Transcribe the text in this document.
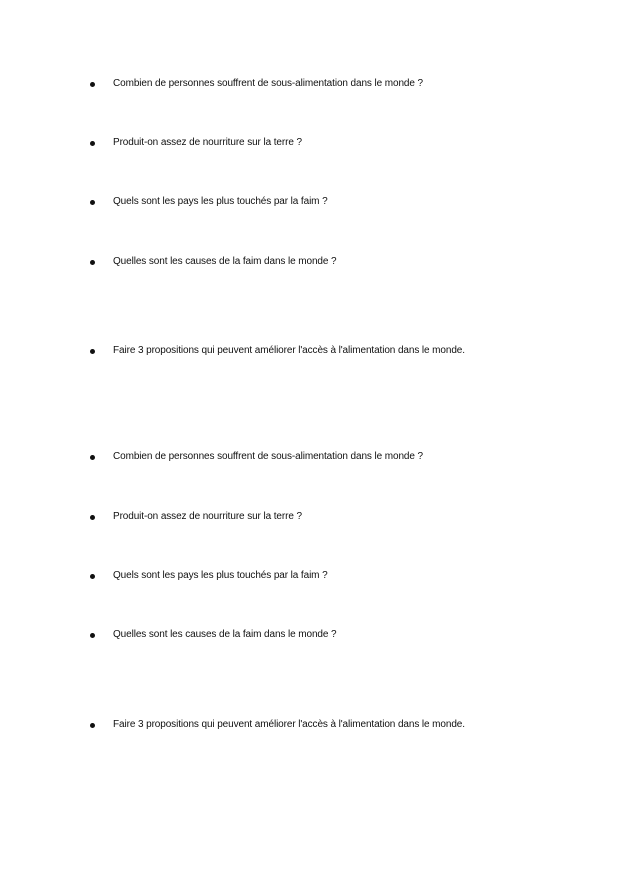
Combien de personnes souffrent de sous-alimentation dans le monde ?
Produit-on assez de nourriture sur la terre ?
Quels sont les pays les plus touchés par la faim ?
Quelles sont les causes de la faim dans le monde ?
Faire 3 propositions qui peuvent améliorer l'accès à l'alimentation dans le monde.
Combien de personnes souffrent de sous-alimentation dans le monde ?
Produit-on assez de nourriture sur la terre ?
Quels sont les pays les plus touchés par la faim ?
Quelles sont les causes de la faim dans le monde ?
Faire 3 propositions qui peuvent améliorer l'accès à l'alimentation dans le monde.
